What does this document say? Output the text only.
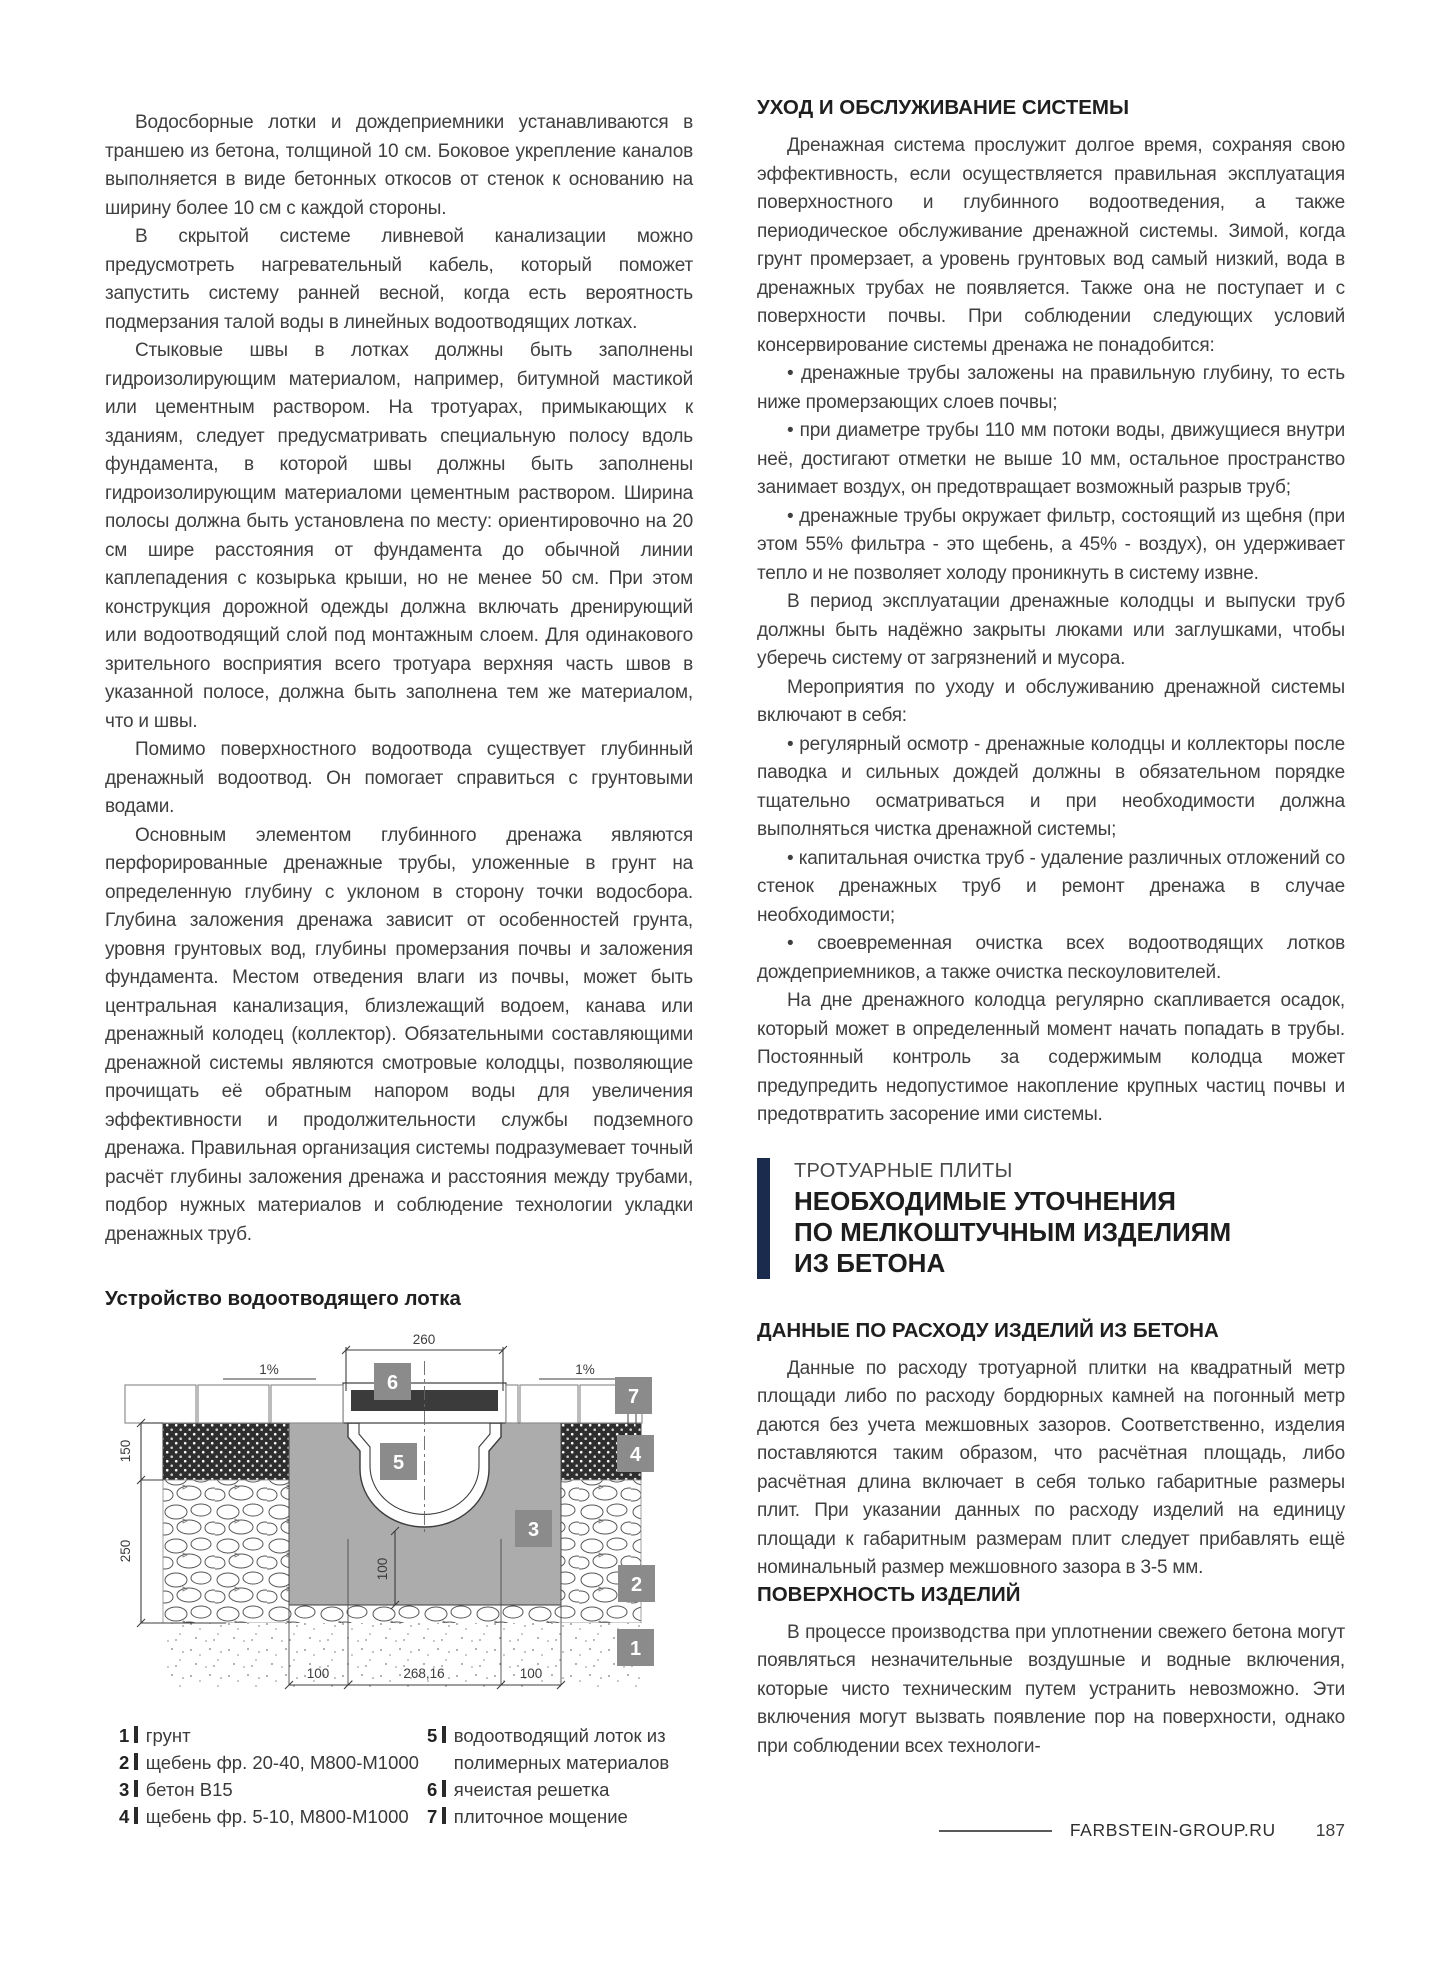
Водосборные лотки и дождеприемники устанавливаются в траншею из бетона, толщиной 10 см. Боковое укрепление каналов выполняется в виде бетонных откосов от стенок к основанию на ширину более 10 см с каждой стороны.

В скрытой системе ливневой канализации можно предусмотреть нагревательный кабель, который поможет запустить систему ранней весной, когда есть вероятность подмерзания талой воды в линейных водоотводящих лотках.

Стыковые швы в лотках должны быть заполнены гидроизолирующим материалом, например, битумной мастикой или цементным раствором. На тротуарах, примыкающих к зданиям, следует предусматривать специальную полосу вдоль фундамента, в которой швы должны быть заполнены гидроизолирующим материаломи цементным раствором. Ширина полосы должна быть установлена по месту: ориентировочно на 20 см шире расстояния от фундамента до обычной линии каплепадения с козырька крыши, но не менее 50 см. При этом конструкция дорожной одежды должна включать дренирующий или водоотводящий слой под монтажным слоем. Для одинакового зрительного восприятия всего тротуара верхняя часть швов в указанной полосе, должна быть заполнена тем же материалом, что и швы.

Помимо поверхностного водоотвода существует глубинный дренажный водоотвод. Он помогает справиться с грунтовыми водами.

Основным элементом глубинного дренажа являются перфорированные дренажные трубы, уложенные в грунт на определенную глубину с уклоном в сторону точки водосбора. Глубина заложения дренажа зависит от особенностей грунта, уровня грунтовых вод, глубины промерзания почвы и заложения фундамента. Местом отведения влаги из почвы, может быть центральная канализация, близлежащий водоем, канава или дренажный колодец (коллектор). Обязательными составляющими дренажной системы являются смотровые колодцы, позволяющие прочищать её обратным напором воды для увеличения эффективности и продолжительности службы подземного дренажа. Правильная организация системы подразумевает точный расчёт глубины заложения дренажа и расстояния между трубами, подбор нужных материалов и соблюдение технологии укладки дренажных труб.

Устройство водоотводящего лотка
260
1%	1%
150
250
100
100	268,16	100
6
7
5	4
3
2
1
1 грунт
2 щебень фр. 20-40, М800-М1000
3 бетон В15
4 щебень фр. 5-10, М800-М1000
5 водоотводящий лоток из полимерных материалов
6 ячеистая решетка
7 плиточное мощение
УХОД И ОБСЛУЖИВАНИЕ СИСТЕМЫ

Дренажная система прослужит долгое время, сохраняя свою эффективность, если осуществляется правильная эксплуатация поверхностного и глубинного водоотведения, а также периодическое обслуживание дренажной системы. Зимой, когда грунт промерзает, а уровень грунтовых вод самый низкий, вода в дренажных трубах не появляется. Также она не поступает и с поверхности почвы. При соблюдении следующих условий консервирование системы дренажа не понадобится:

• дренажные трубы заложены на правильную глубину, то есть ниже промерзающих слоев почвы;

• при диаметре трубы 110 мм потоки воды, движущиеся внутри неё, достигают отметки не выше 10 мм, остальное пространство занимает воздух, он предотвращает возможный разрыв труб;

• дренажные трубы окружает фильтр, состоящий из щебня (при этом 55% фильтра - это щебень, а 45% - воздух), он удерживает тепло и не позволяет холоду проникнуть в систему извне.

В период эксплуатации дренажные колодцы и выпуски труб должны быть надёжно закрыты люками или заглушками, чтобы уберечь систему от загрязнений и мусора.

Мероприятия по уходу и обслуживанию дренажной системы включают в себя:

• регулярный осмотр - дренажные колодцы и коллекторы после паводка и сильных дождей должны в обязательном порядке тщательно осматриваться и при необходимости должна выполняться чистка дренажной системы;

• капитальная очистка труб - удаление различных отложений со стенок дренажных труб и ремонт дренажа в случае необходимости;

• своевременная очистка всех водоотводящих лотков дождеприемников, а также очистка пескоуловителей.

На дне дренажного колодца регулярно скапливается осадок, который может в определенный момент начать попадать в трубы. Постоянный контроль за содержимым колодца может предупредить недопустимое накопление крупных частиц почвы и предотвратить засорение ими системы.

ТРОТУАРНЫЕ ПЛИТЫ
НЕОБХОДИМЫЕ УТОЧНЕНИЯ
ПО МЕЛКОШТУЧНЫМ ИЗДЕЛИЯМ
ИЗ БЕТОНА
ДАННЫЕ ПО РАСХОДУ ИЗДЕЛИЙ ИЗ БЕТОНА

Данные по расходу тротуарной плитки на квадратный метр площади либо по расходу бордюрных камней на погонный метр даются без учета межшовных зазоров. Соответственно, изделия поставляются таким образом, что расчётная площадь, либо расчётная длина включает в себя только габаритные размеры плит. При указании данных по расходу изделий на единицу площади к габаритным размерам плит следует прибавлять ещё номинальный размер межшовного зазора в 3-5 мм.

ПОВЕРХНОСТЬ ИЗДЕЛИЙ

В процессе производства при уплотнении свежего бетона могут появляться незначительные воздушные и водные включения, которые чисто техническим путем устранить невозможно. Эти включения могут вызвать появление пор на поверхности, однако при соблюдении всех технологи-

FARBSTEIN-GROUP.RU 187
